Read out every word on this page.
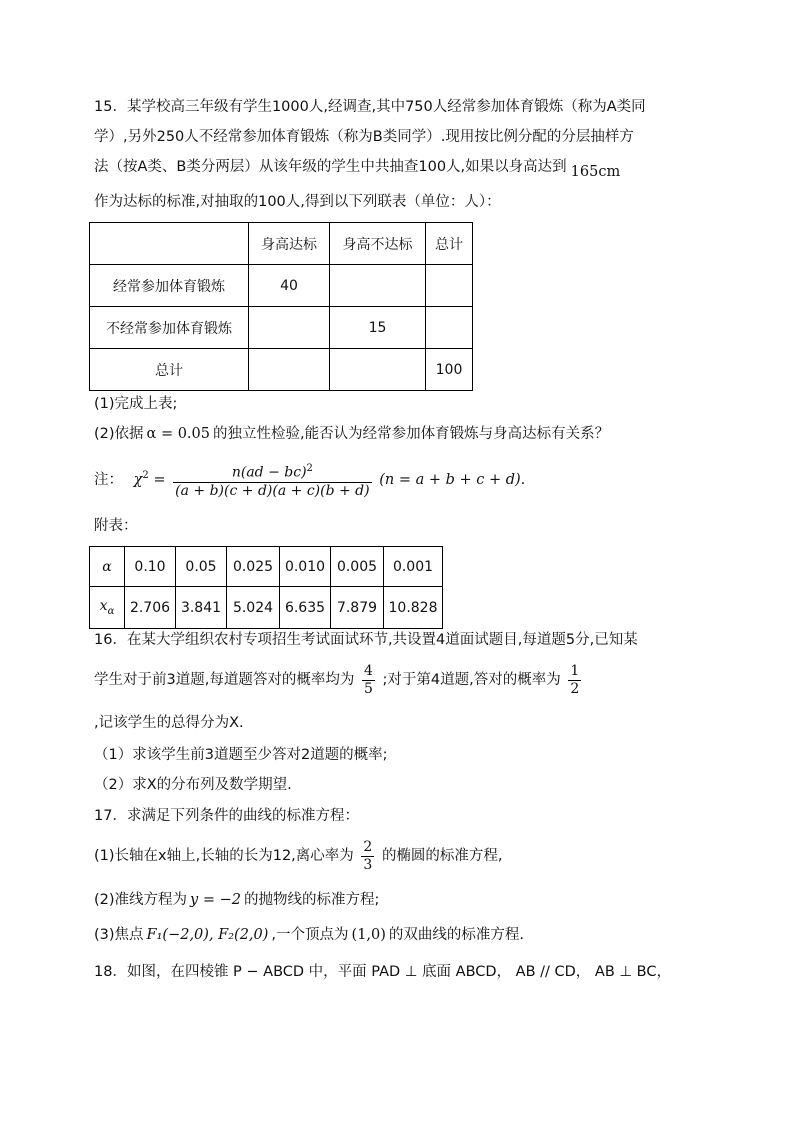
15．某学校高三年级有学生1000人,经调查,其中750人经常参加体育锻炼（称为A类同
学）,另外250人不经常参加体育锻炼（称为B类同学）.现用按比例分配的分层抽样方
法（按A类、B类分两层）从该年级的学生中共抽查100人,如果以身高达到 165cm
作为达标的标准,对抽取的100人,得到以下列联表（单位：人）：
	身高达标	身高不达标	总计
经常参加体育锻炼	40		
不经常参加体育锻炼		15	
总计			100
(1)完成上表;
(2)依据 α = 0.05 的独立性检验,能否认为经常参加体育锻炼与身高达标有关系？
注： $\chi^2 = \frac{n(ad - bc)^2}{(a + b)(c + d)(a + c)(b + d)} (n = a + b + c + d)$.
附表：
α	0.10	0.05	0.025	0.010	0.005	0.001
$x_\alpha$	2.706	3.841	5.024	6.635	7.879	10.828
16．在某大学组织农村专项招生考试面试环节,共设置4道面试题目,每道题5分,已知某
学生对于前3道题,每道题答对的概率均为 $\frac{4}{5}$ ;对于第4道题,答对的概率为 $\frac{1}{2}$
,记该学生的总得分为X.
（1）求该学生前3道题至少答对2道题的概率;
（2）求X的分布列及数学期望.
17．求满足下列条件的曲线的标准方程：
(1)长轴在x轴上,长轴的长为12,离心率为 $\frac{2}{3}$ 的椭圆的标准方程,
(2)准线方程为 y = −2 的抛物线的标准方程;
(3)焦点 F₁(−2,0), F₂(2,0) ,一个顶点为 (1,0) 的双曲线的标准方程.
18．如图，在四棱锥 P − ABCD 中，平面 PAD ⊥ 底面 ABCD， AB // CD， AB ⊥ BC，
